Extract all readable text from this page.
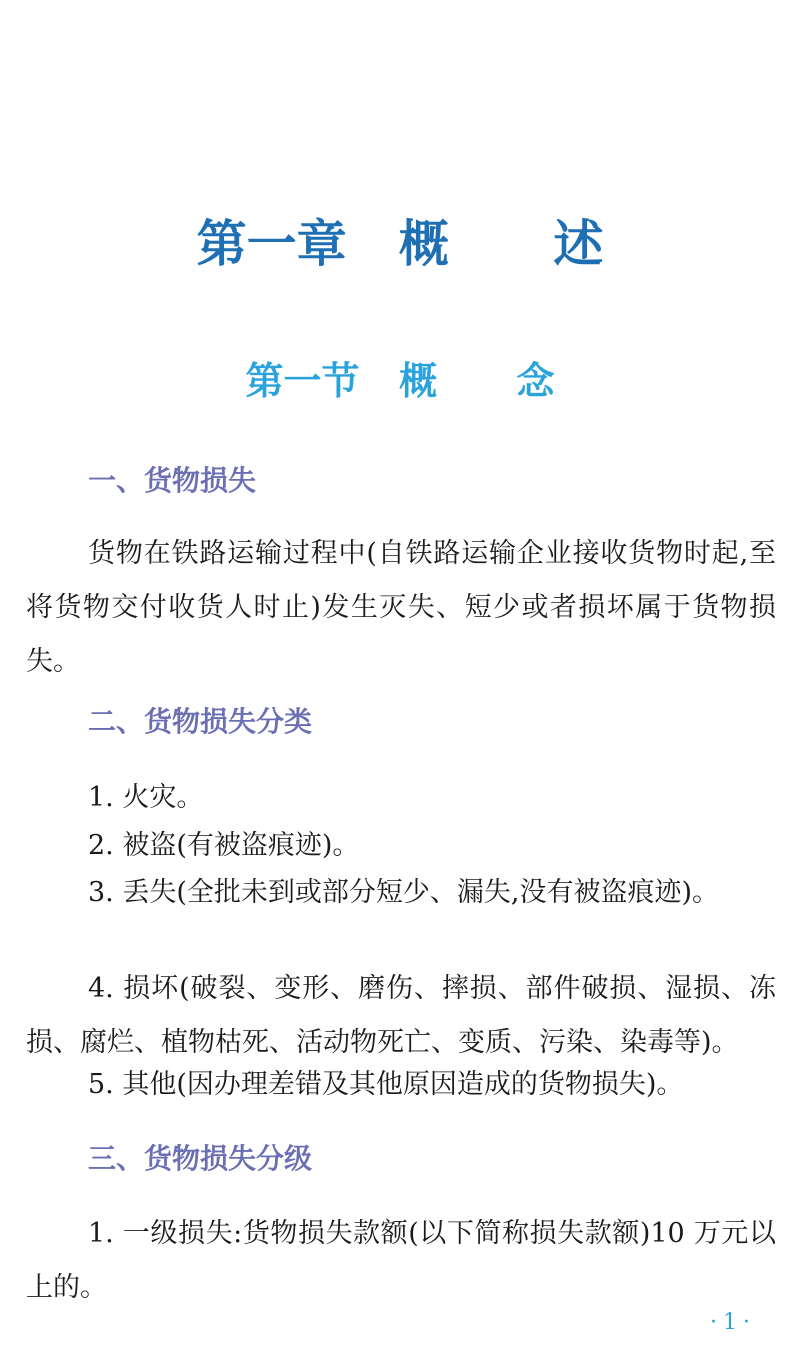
第一章   概      述
第一节   概      念
一、货物损失
货物在铁路运输过程中(自铁路运输企业接收货物时起,至将货物交付收货人时止)发生灭失、短少或者损坏属于货物损失。
二、货物损失分类
1. 火灾。
2. 被盗(有被盗痕迹)。
3. 丢失(全批未到或部分短少、漏失,没有被盗痕迹)。
4. 损坏(破裂、变形、磨伤、摔损、部件破损、湿损、冻损、腐烂、植物枯死、活动物死亡、变质、污染、染毒等)。
5. 其他(因办理差错及其他原因造成的货物损失)。
三、货物损失分级
1. 一级损失:货物损失款额(以下简称损失款额)10 万元以上的。
·1·
